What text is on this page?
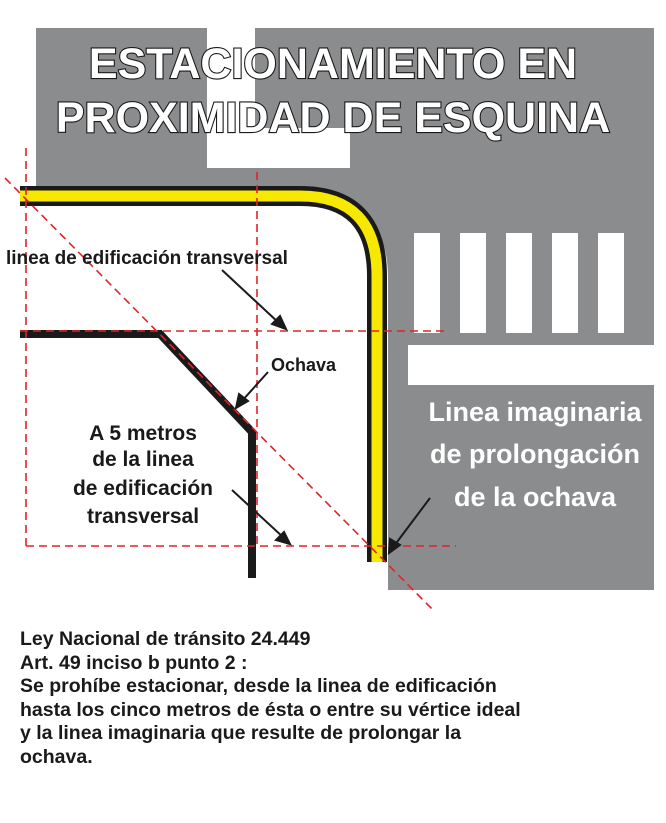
ESTACIONAMIENTO EN
PROXIMIDAD DE ESQUINA
linea de edificación transversal
Ochava
A 5 metros
de la linea
de edificación
transversal
Linea imaginaria
de prolongación
de la ochava
Ley Nacional de tránsito 24.449
Art. 49 inciso b punto 2 :
Se prohíbe estacionar, desde la linea de edificación
hasta los cinco metros de ésta o entre su vértice ideal
y la linea imaginaria que resulte de prolongar la
ochava.
